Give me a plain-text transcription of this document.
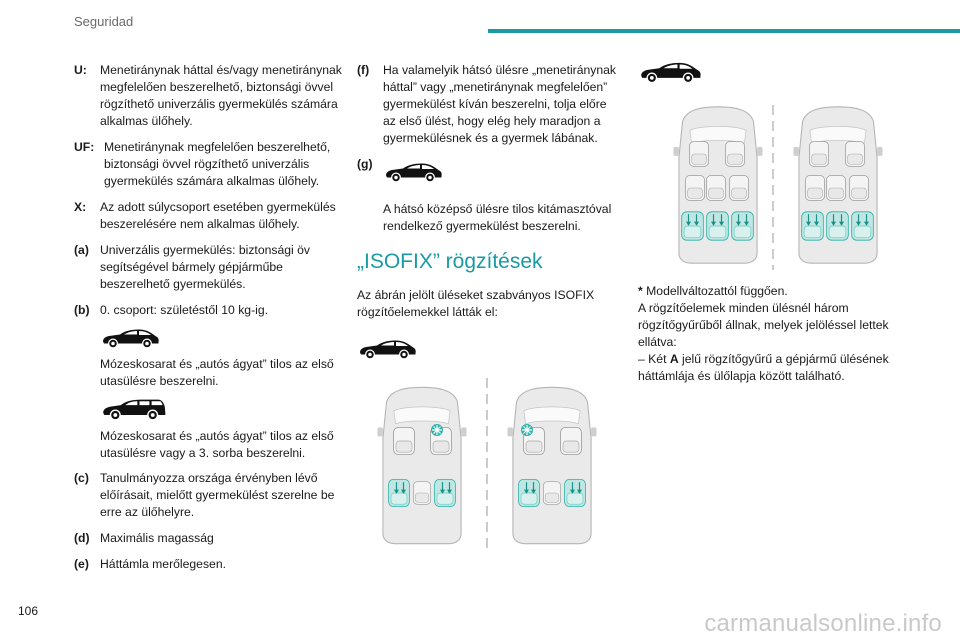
Seguridad
U:	Menetiránynak háttal és/vagy menetiránynak megfelelően beszerelhető, biztonsági övvel rögzíthető univerzális gyermekülés számára alkalmas ülőhely.
UF: Menetiránynak megfelelően beszerelhető, biztonsági övvel rögzíthető univerzális gyermekülés számára alkalmas ülőhely.
X:	Az adott súlycsoport esetében gyermekülés beszerelésére nem alkalmas ülőhely.
(a) Univerzális gyermekülés: biztonsági öv segítségével bármely gépjárműbe beszerelhető gyermekülés.
(b) 0. csoport: születéstől 10 kg-ig.
Mózeskosarat és „autós ágyat” tilos az első utasülésre beszerelni.
Mózeskosarat és „autós ágyat” tilos az első utasülésre vagy a 3. sorba beszerelni.
(c) Tanulmányozza országa érvényben lévő előírásait, mielőtt gyermekülést szerelne be erre az ülőhelyre.
(d) Maximális magasság
(e) Háttámla merőlegesen.
(f)	Ha valamelyik hátsó ülésre „menetiránynak háttal” vagy „menetiránynak megfelelően” gyermekülést kíván beszerelni, tolja előre az első ülést, hogy elég hely maradjon a gyermekülésnek és a gyermek lábának.
(g)
A hátsó középső ülésre tilos kitámasztóval rendelkező gyermekülést beszerelni.
„ISOFIX” rögzítések
Az ábrán jelölt üléseket szabványos ISOFIX rögzítőelemekkel látták el:
* Modellváltozattól függően.
A rögzítőelemek minden ülésnél három rögzítőgyűrűből állnak, melyek jelöléssel lettek ellátva:
– Két A jelű rögzítőgyűrű a gépjármű ülésének háttámlája és ülőlapja között található.
106	carmanualsonline.info
